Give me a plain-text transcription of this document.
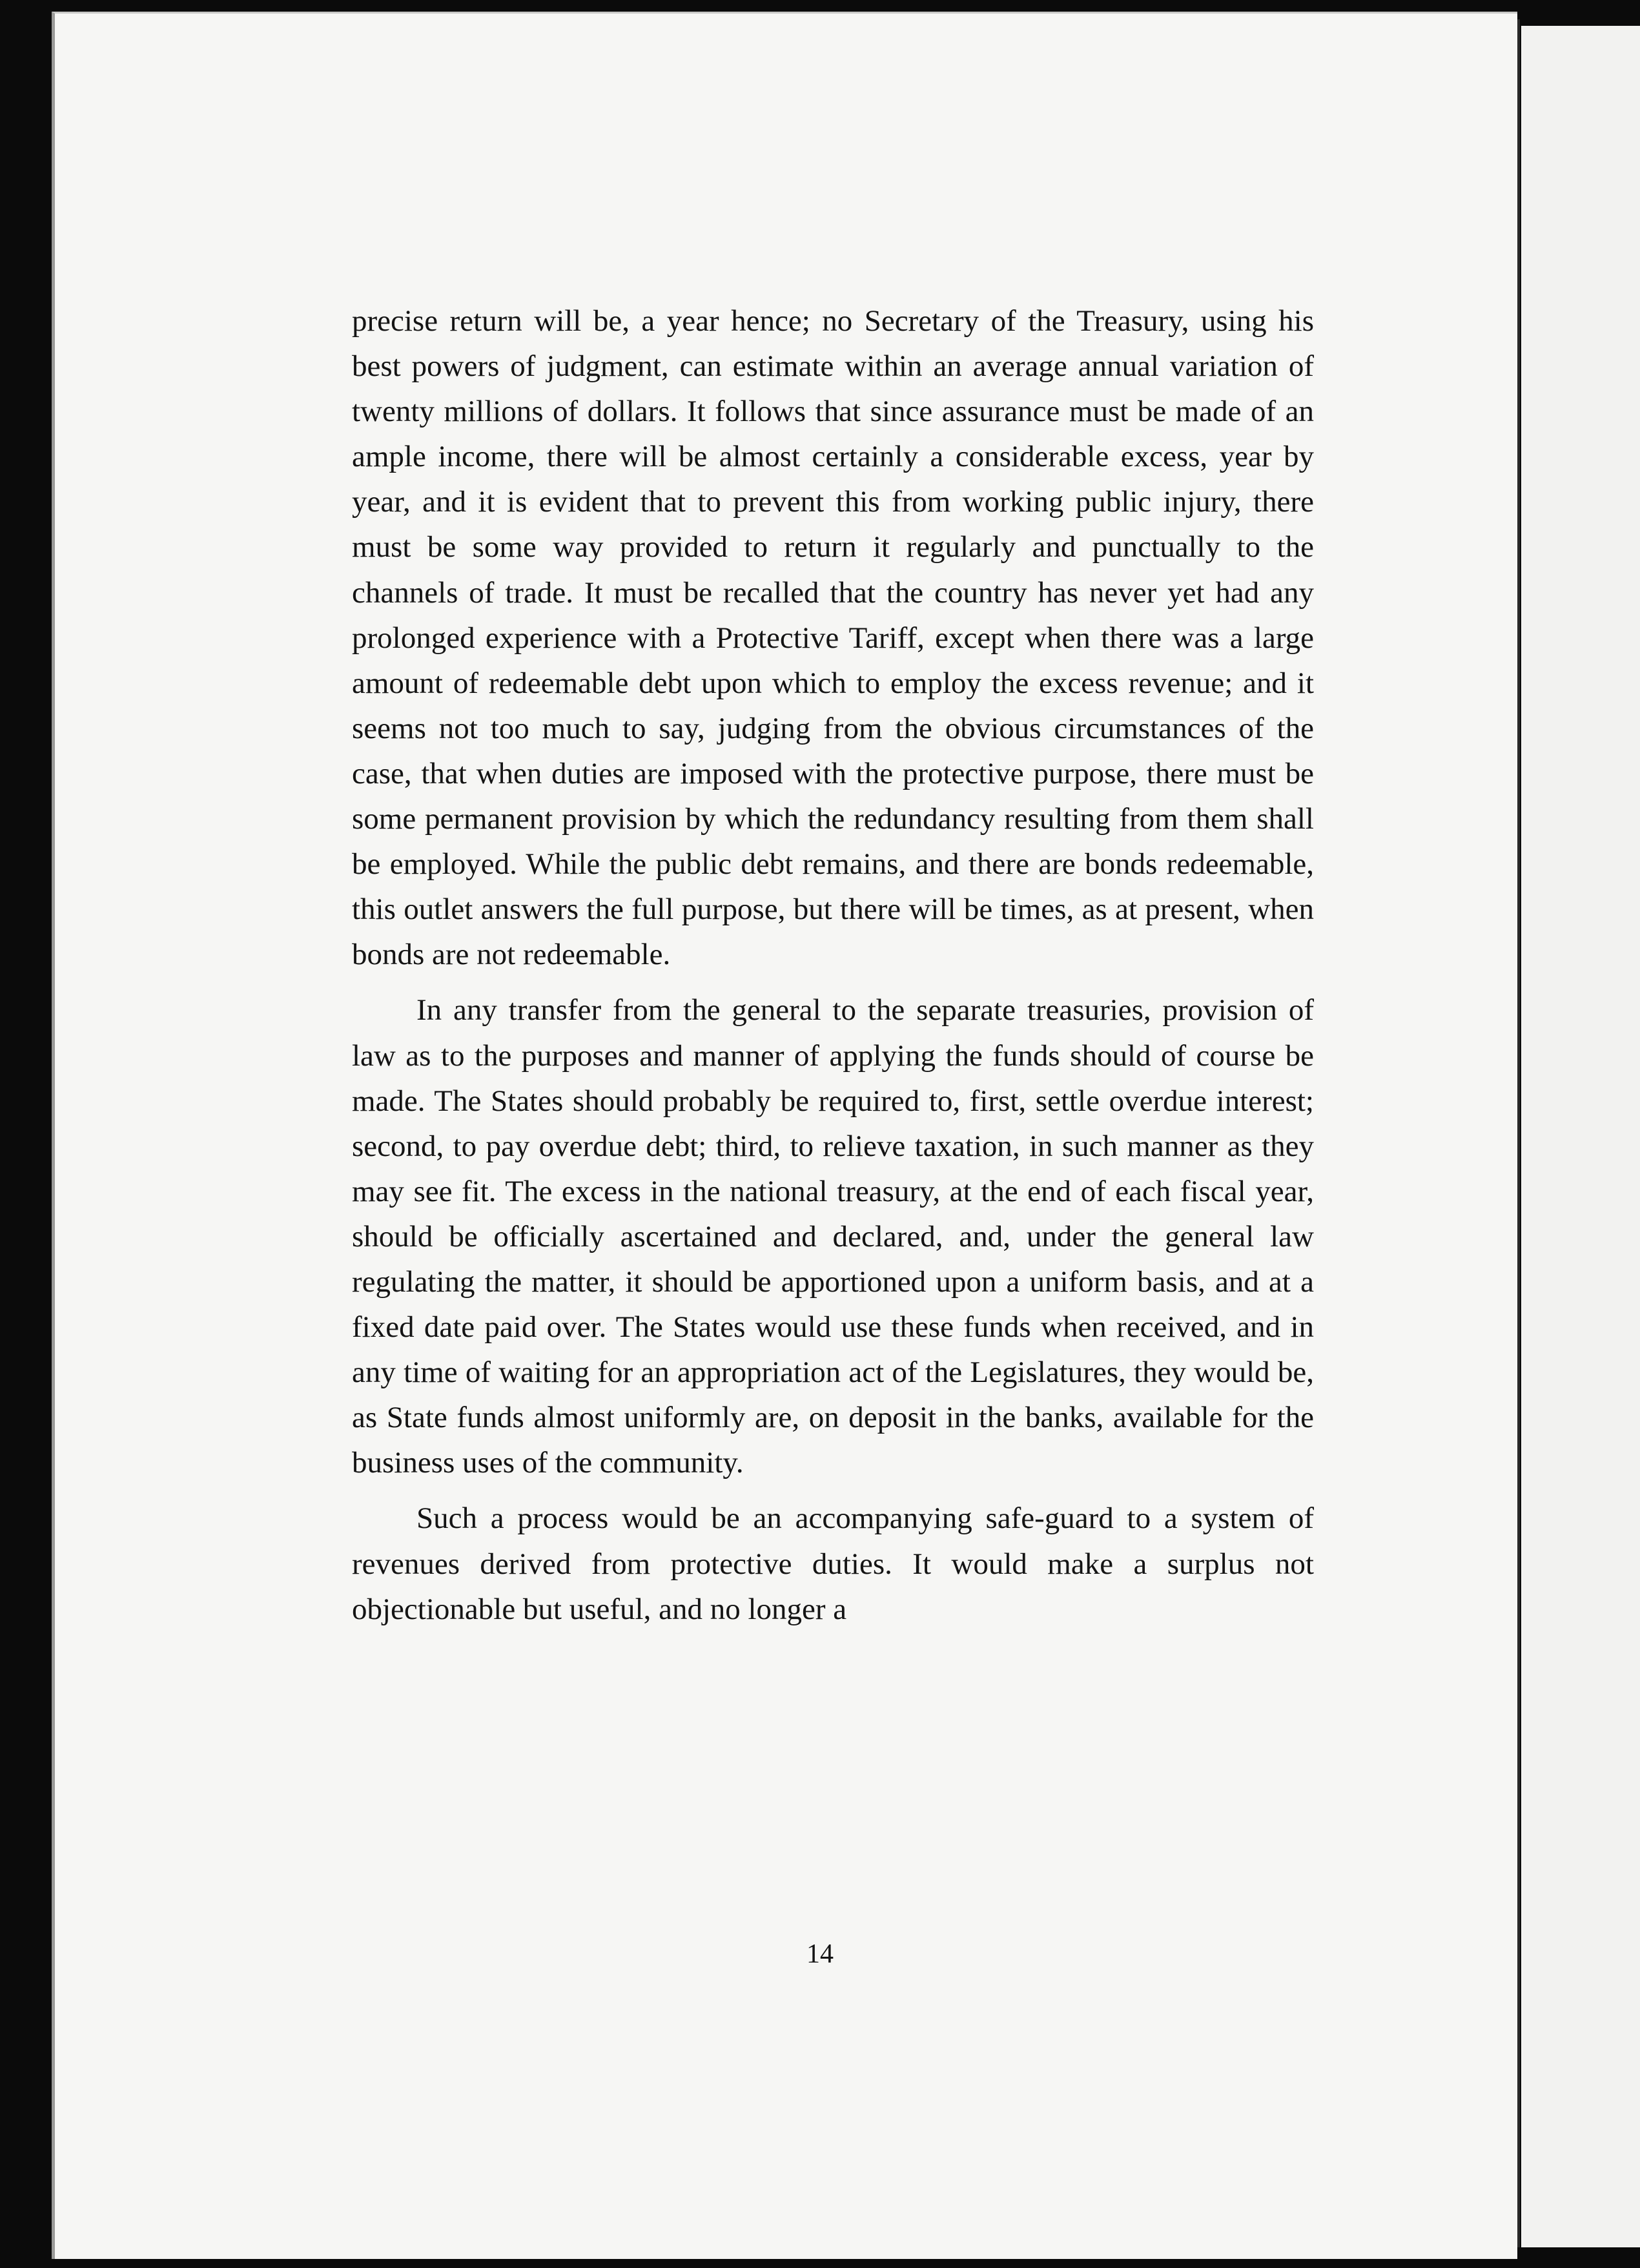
precise return will be, a year hence; no Secretary of the Treasury, using his best powers of judgment, can estimate within an average annual variation of twenty millions of dollars. It follows that since assurance must be made of an ample income, there will be almost certainly a considerable excess, year by year, and it is evident that to prevent this from working public injury, there must be some way provided to return it regularly and punctually to the channels of trade. It must be recalled that the country has never yet had any prolonged experience with a Protective Tariff, except when there was a large amount of redeemable debt upon which to employ the excess revenue; and it seems not too much to say, judging from the obvious circumstances of the case, that when duties are imposed with the protective purpose, there must be some permanent provision by which the redundancy resulting from them shall be employed. While the public debt remains, and there are bonds redeemable, this outlet answers the full purpose, but there will be times, as at present, when bonds are not redeemable.

In any transfer from the general to the separate treasuries, provision of law as to the purposes and manner of applying the funds should of course be made. The States should probably be required to, first, settle overdue interest; second, to pay overdue debt; third, to relieve taxation, in such manner as they may see fit. The excess in the national treasury, at the end of each fiscal year, should be officially ascertained and declared, and, under the general law regulating the matter, it should be apportioned upon a uniform basis, and at a fixed date paid over. The States would use these funds when received, and in any time of waiting for an appropriation act of the Legislatures, they would be, as State funds almost uniformly are, on deposit in the banks, available for the business uses of the community.

Such a process would be an accompanying safe-guard to a system of revenues derived from protective duties. It would make a surplus not objectionable but useful, and no longer a

14
